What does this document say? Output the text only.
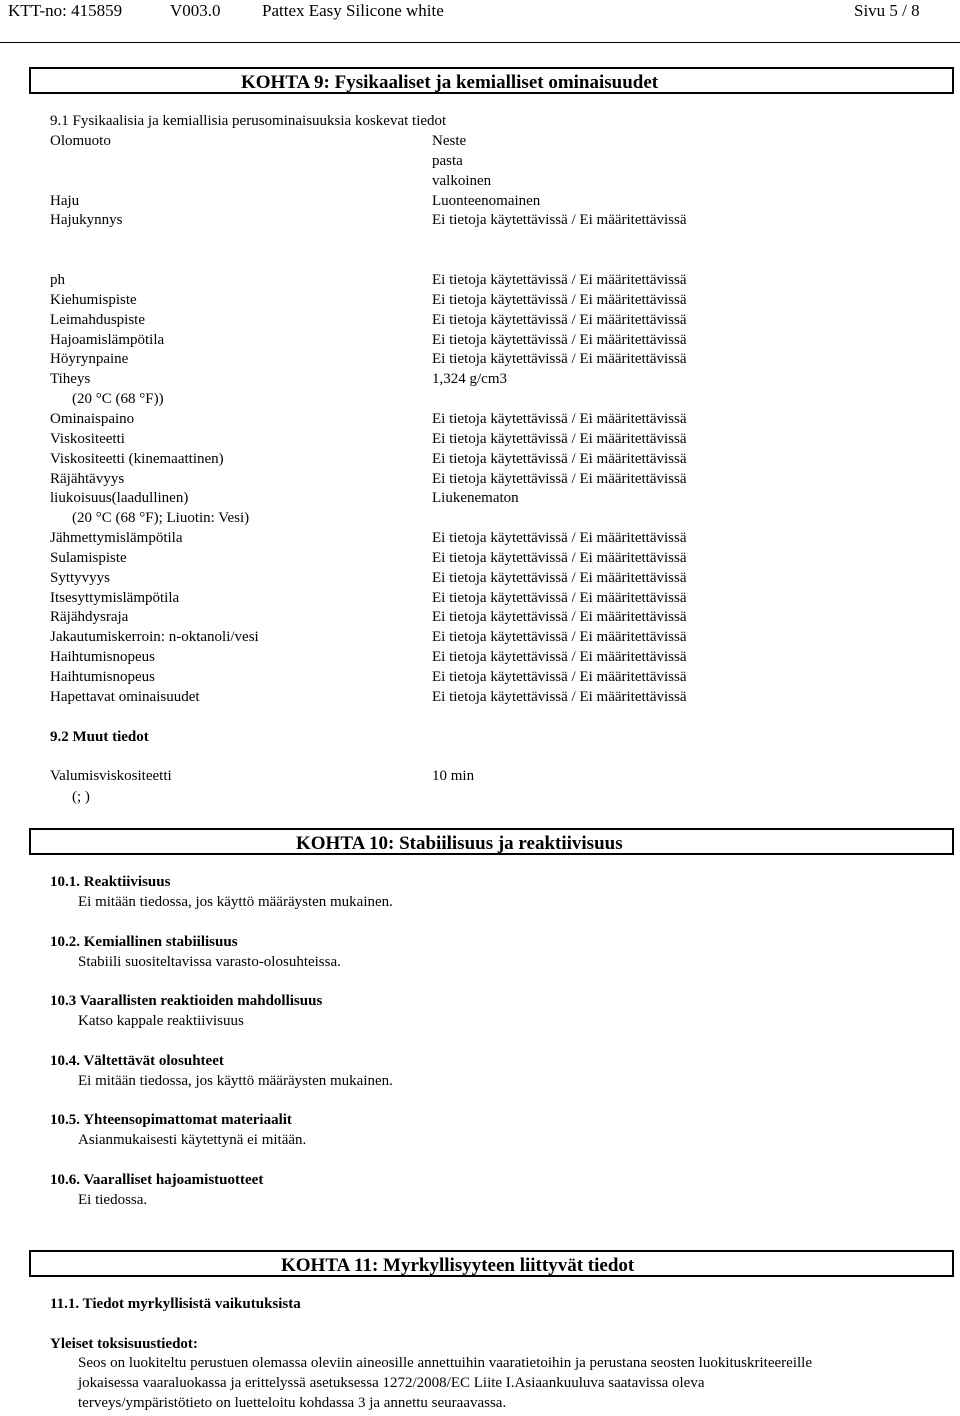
KTT-no: 415859	V003.0 Pattex Easy Silicone white	Sivu 5 / 8
KOHTA 9: Fysikaaliset ja kemialliset ominaisuudet
9.1 Fysikaalisia ja kemiallisia perusominaisuuksia koskevat tiedot
Olomuoto	Neste
pasta
valkoinen
Haju	Luonteenomainen
Hajukynnys	Ei tietoja käytettävissä / Ei määritettävissä
ph	Ei tietoja käytettävissä / Ei määritettävissä
Kiehumispiste	Ei tietoja käytettävissä / Ei määritettävissä
Leimahduspiste	Ei tietoja käytettävissä / Ei määritettävissä
Hajoamislämpötila	Ei tietoja käytettävissä / Ei määritettävissä
Höyrynpaine	Ei tietoja käytettävissä / Ei määritettävissä
Tiheys	1,324 g/cm3
(20 °C (68 °F))
Ominaispaino	Ei tietoja käytettävissä / Ei määritettävissä
Viskositeetti	Ei tietoja käytettävissä / Ei määritettävissä
Viskositeetti (kinemaattinen)	Ei tietoja käytettävissä / Ei määritettävissä
Räjähtävyys	Ei tietoja käytettävissä / Ei määritettävissä
liukoisuus(laadullinen)	Liukenematon
(20 °C (68 °F); Liuotin: Vesi)
Jähmettymislämpötila	Ei tietoja käytettävissä / Ei määritettävissä
Sulamispiste	Ei tietoja käytettävissä / Ei määritettävissä
Syttyvyys	Ei tietoja käytettävissä / Ei määritettävissä
Itsesyttymislämpötila	Ei tietoja käytettävissä / Ei määritettävissä
Räjähdysraja	Ei tietoja käytettävissä / Ei määritettävissä
Jakautumiskerroin: n-oktanoli/vesi	Ei tietoja käytettävissä / Ei määritettävissä
Haihtumisnopeus	Ei tietoja käytettävissä / Ei määritettävissä
Haihtumisnopeus	Ei tietoja käytettävissä / Ei määritettävissä
Hapettavat ominaisuudet	Ei tietoja käytettävissä / Ei määritettävissä
9.2 Muut tiedot
Valumisviskositeetti	10 min
(; )
KOHTA 10: Stabiilisuus ja reaktiivisuus
10.1. Reaktiivisuus
Ei mitään tiedossa, jos käyttö määräysten mukainen.
10.2. Kemiallinen stabiilisuus
Stabiili suositeltavissa varasto-olosuhteissa.
10.3 Vaarallisten reaktioiden mahdollisuus
Katso kappale reaktiivisuus
10.4. Vältettävät olosuhteet
Ei mitään tiedossa, jos käyttö määräysten mukainen.
10.5. Yhteensopimattomat materiaalit
Asianmukaisesti käytettynä ei mitään.
10.6. Vaaralliset hajoamistuotteet
Ei tiedossa.
KOHTA 11: Myrkyllisyyteen liittyvät tiedot
11.1. Tiedot myrkyllisistä vaikutuksista
Yleiset toksisuustiedot:
Seos on luokiteltu perustuen olemassa oleviin aineosille annettuihin vaaratietoihin ja perustana seosten luokituskriteereille
jokaisessa vaaraluokassa ja erittelyssä asetuksessa 1272/2008/EC Liite I.Asiaankuuluva saatavissa oleva
terveys/ympäristötieto on luetteloitu kohdassa 3 ja annettu seuraavassa.
